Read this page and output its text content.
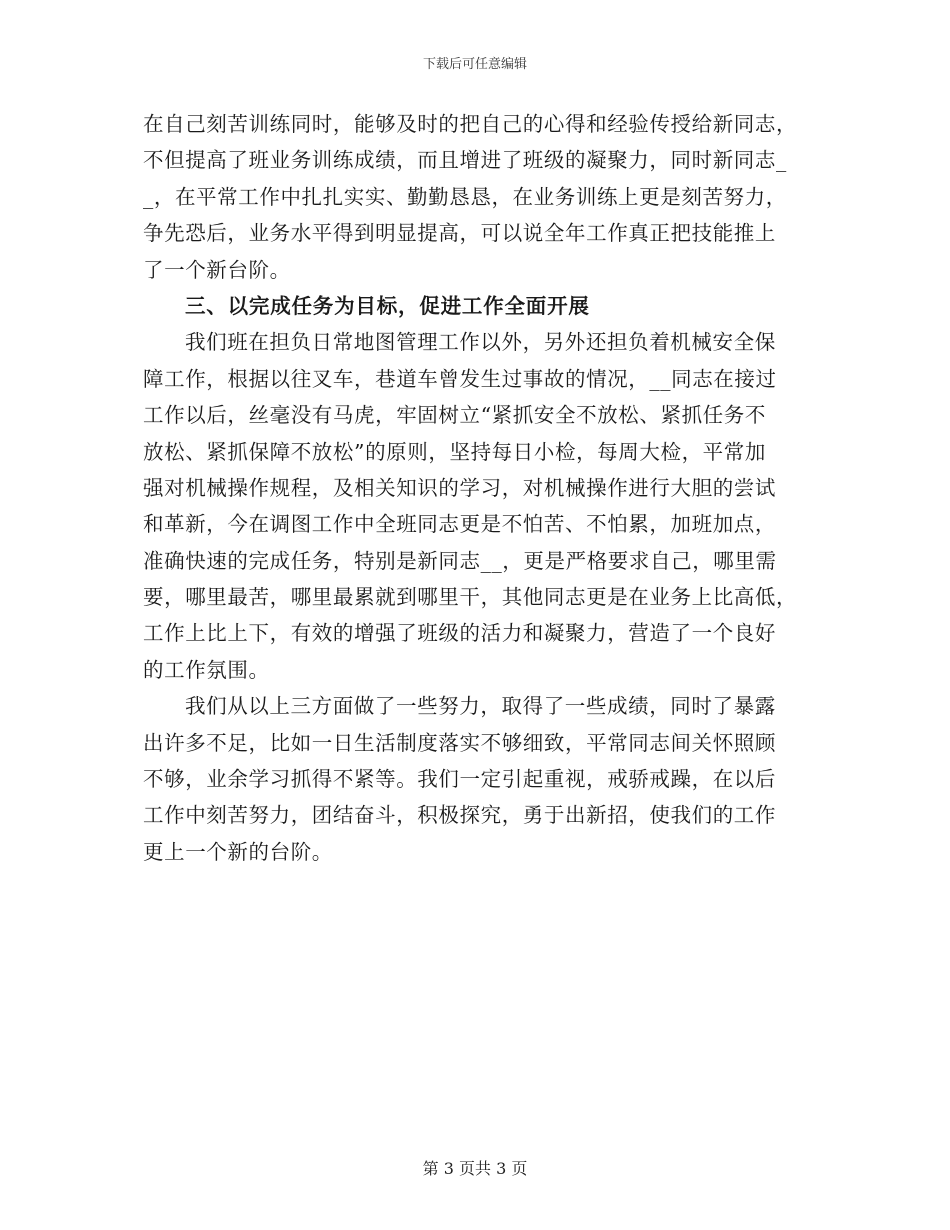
下载后可任意编辑
在自己刻苦训练同时，能够及时的把自己的心得和经验传授给新同志，
不但提高了班业务训练成绩，而且增进了班级的凝聚力，同时新同志_
_，在平常工作中扎扎实实、勤勤恳恳，在业务训练上更是刻苦努力，
争先恐后，业务水平得到明显提高，可以说全年工作真正把技能推上
了一个新台阶。
三、以完成任务为目标，促进工作全面开展
我们班在担负日常地图管理工作以外，另外还担负着机械安全保
障工作，根据以往叉车，巷道车曾发生过事故的情况，__同志在接过
工作以后，丝毫没有马虎，牢固树立“紧抓安全不放松、紧抓任务不
放松、紧抓保障不放松”的原则，坚持每日小检，每周大检，平常加
强对机械操作规程，及相关知识的学习，对机械操作进行大胆的尝试
和革新，今在调图工作中全班同志更是不怕苦、不怕累，加班加点，
准确快速的完成任务，特别是新同志__，更是严格要求自己，哪里需
要，哪里最苦，哪里最累就到哪里干，其他同志更是在业务上比高低，
工作上比上下，有效的增强了班级的活力和凝聚力，营造了一个良好
的工作氛围。
我们从以上三方面做了一些努力，取得了一些成绩，同时了暴露
出许多不足，比如一日生活制度落实不够细致，平常同志间关怀照顾
不够，业余学习抓得不紧等。我们一定引起重视，戒骄戒躁，在以后
工作中刻苦努力，团结奋斗，积极探究，勇于出新招，使我们的工作
更上一个新的台阶。
第 3 页共 3 页
